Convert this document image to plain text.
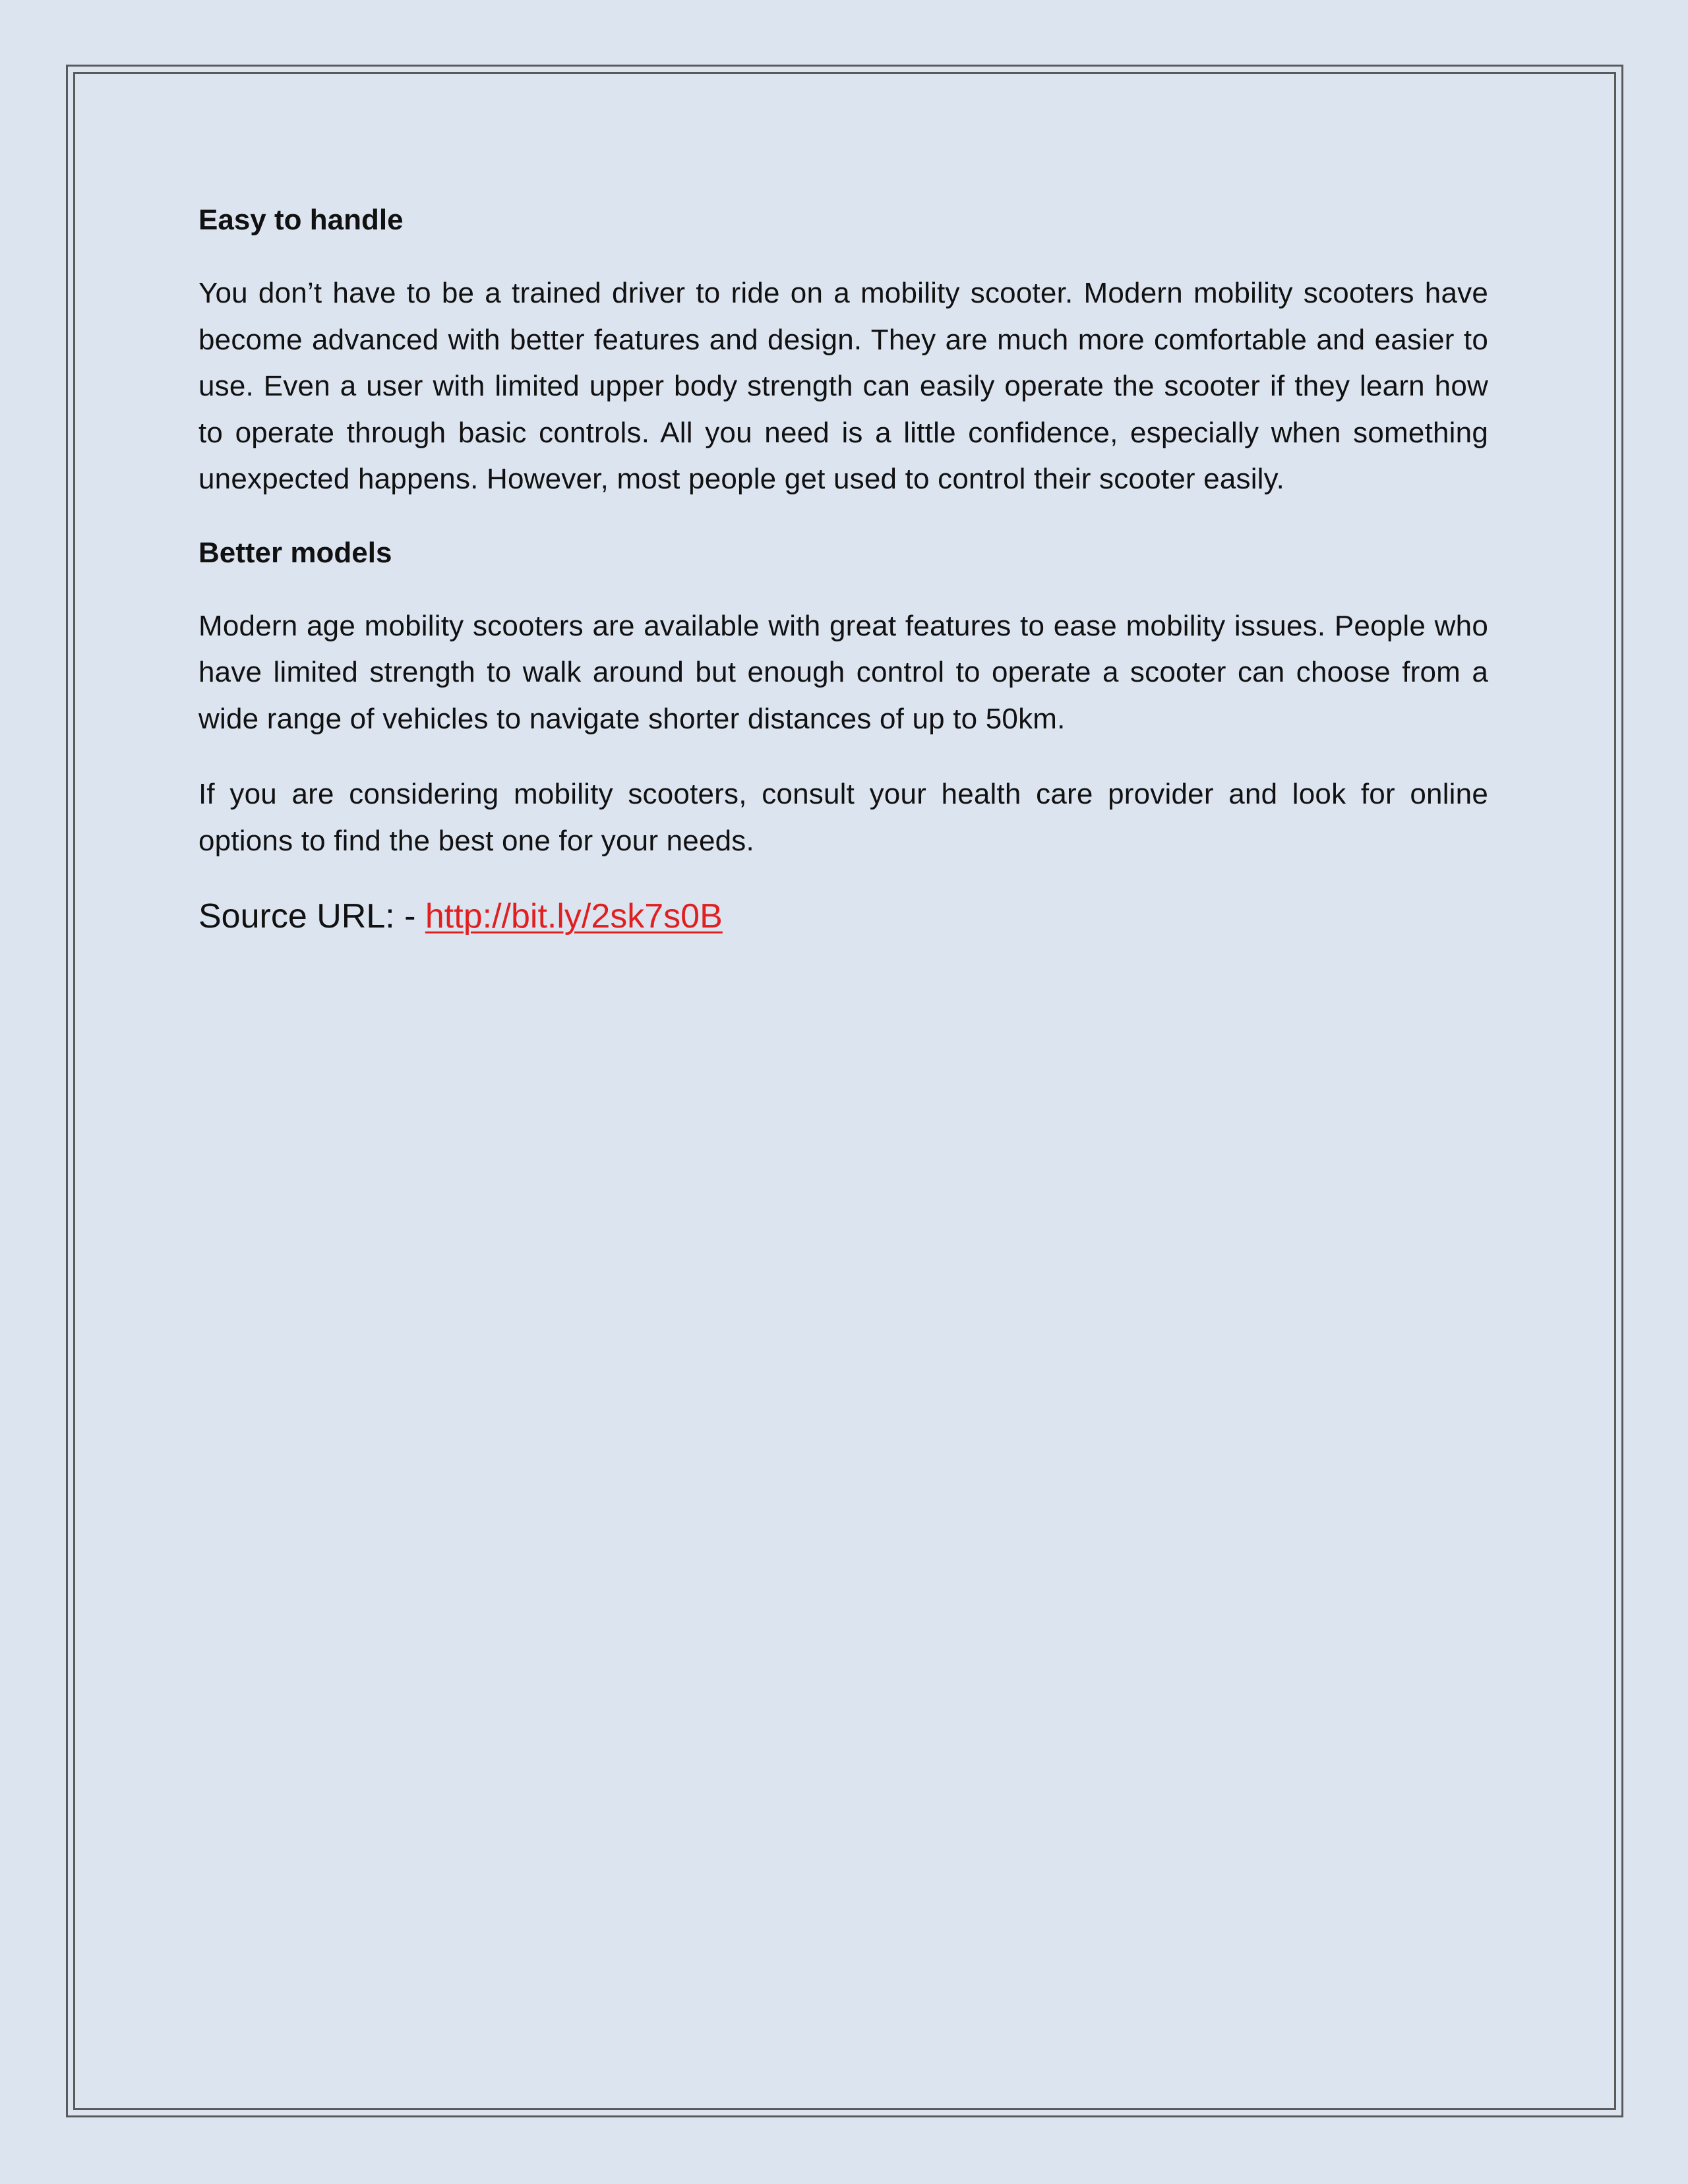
Easy to handle

You don’t have to be a trained driver to ride on a mobility scooter. Modern mobility scooters have become advanced with better features and design. They are much more comfortable and easier to use. Even a user with limited upper body strength can easily operate the scooter if they learn how to operate through basic controls. All you need is a little confidence, especially when something unexpected happens. However, most people get used to control their scooter easily.

Better models

Modern age mobility scooters are available with great features to ease mobility issues. People who have limited strength to walk around but enough control to operate a scooter can choose from a wide range of vehicles to navigate shorter distances of up to 50km.

If you are considering mobility scooters, consult your health care provider and look for online options to find the best one for your needs.

Source URL: - http://bit.ly/2sk7s0B
